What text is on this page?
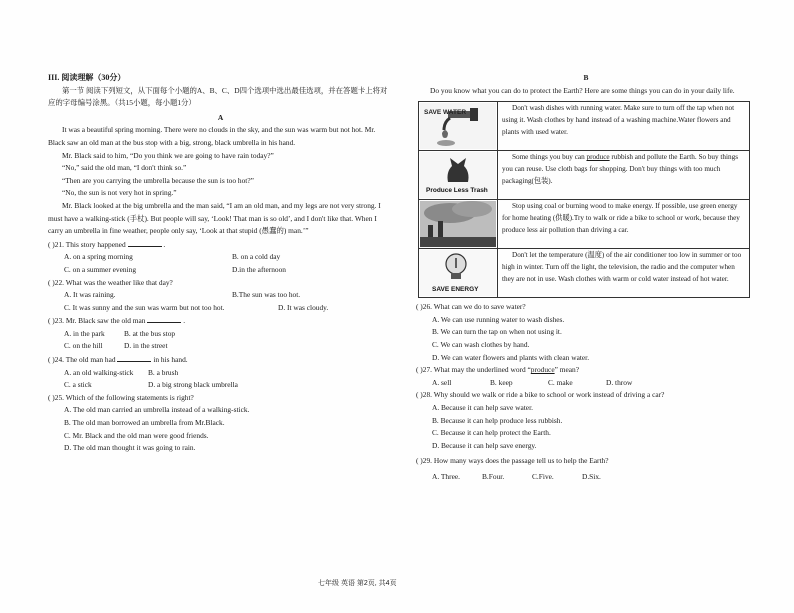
III. 阅读理解（30分）
第一节 阅读下列短文，从下面每个小题的A、B、C、D四个选项中选出最佳选项，并在答题卡上将对应的字母编号涂黑。（共15小题，每小题1分）
A
It was a beautiful spring morning. There were no clouds in the sky, and the sun was warm but not hot. Mr. Black saw an old man at the bus stop with a big, strong, black umbrella in his hand.
Mr. Black said to him, “Do you think we are going to have rain today?”
“No,” said the old man, “I don't think so.”
“Then are you carrying the umbrella because the sun is too hot?”
“No, the sun is not very hot in spring.”
Mr. Black looked at the big umbrella and the man said, “I am an old man, and my legs are not very strong. I must have a walking-stick (手杖). But people will say, ‘Look! That man is so old’, and I don't like that. When I carry an umbrella in fine weather, people only say, ‘Look at that stupid (愚蠢的) man.’”
( )21. This story happened	.
A. on a spring morning	B. on a cold day
C. on a summer evening	D.in the afternoon
( )22. What was the weather like that day?
A. It was raining.	B.The sun was too hot.
C. It was sunny and the sun was warm but not too hot.	D. It was cloudy.
( )23. Mr. Black saw the old man	.
A. in the park	B. at the bus stop
C. on the hill	D. in the street
( )24. The old man had	in his hand.
A. an old walking-stick	B. a brush
C. a stick	D. a big strong black umbrella
( )25. Which of the following statements is right?
A. The old man carried an umbrella instead of a walking-stick.
B. The old man borrowed an umbrella from Mr.Black.
C. Mr. Black and the old man were good friends.
D. The old man thought it was going to rain.
B
Do you know what you can do to protect the Earth? Here are some things you can do in your daily life.
SAVE WATER	Don't wash dishes with running water. Make sure to turn off the tap when not using it. Wash clothes by hand instead of a washing machine.Water flowers and plants with used water.

Produce Less Trash	Some things you buy can produce rubbish and pollute the Earth. So buy things you can reuse. Use cloth bags for shopping. Don't buy things with too much packaging(包装).

	Stop using coal or burning wood to make energy. If possible, use green energy for home heating (供暖).Try to walk or ride a bike to school or work, because they produce less air pollution than driving a car.

SAVE ENERGY	Don't let the temperature (温度) of the air conditioner too low in summer or too high in winter. Turn off the light, the television, the radio and the computer when they are not in use. Wash clothes with warm or cold water instead of hot water.
( )26. What can we do to save water?
A. We can use running water to wash dishes.
B. We can turn the tap on when not using it.
C. We can wash clothes by hand.
D. We can water flowers and plants with clean water.
( )27. What may the underlined word “produce” mean?
A. sell	B. keep	C. make	D. throw
( )28. Why should we walk or ride a bike to school or work instead of driving a car?
A. Because it can help save water.
B. Because it can help produce less rubbish.
C. Because it can help protect the Earth.
D. Because it can help save energy.
( )29. How many ways does the passage tell us to help the Earth?
A. Three.	B.Four.	C.Five.	D.Six.
七年级 英语 第2页, 共4页
